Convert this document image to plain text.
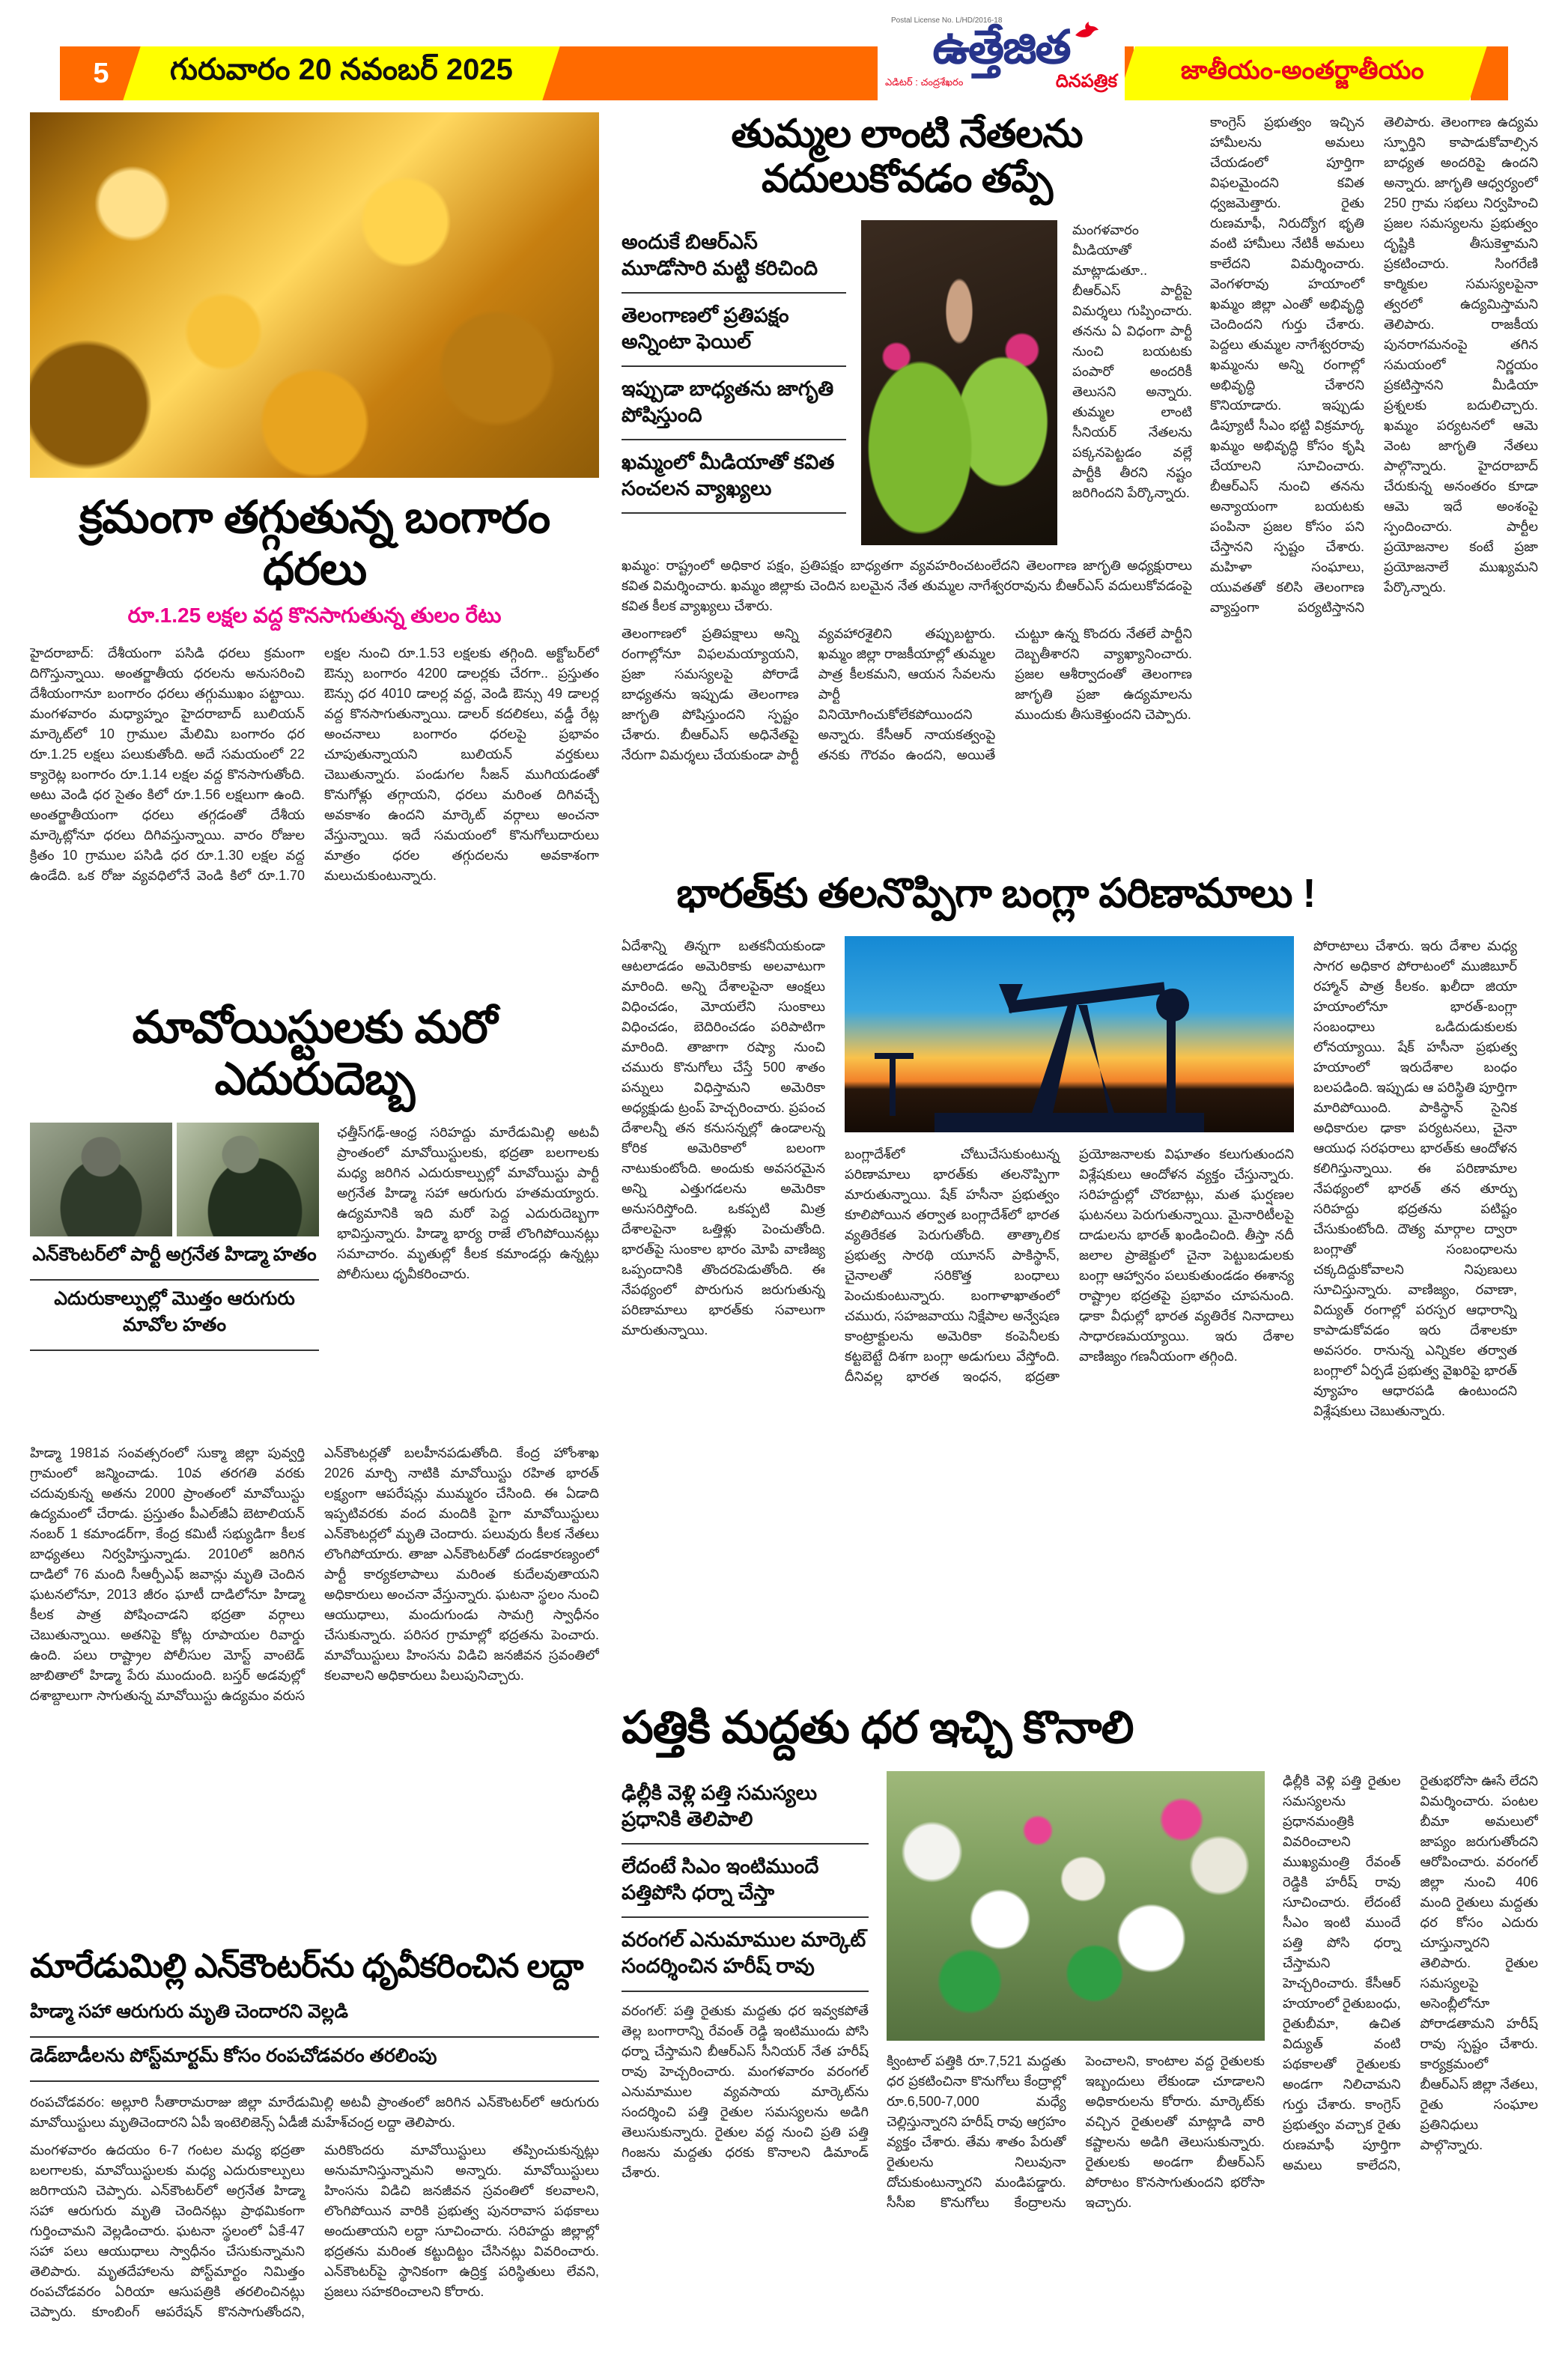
5	గురువారం 20 నవంబర్ 2025	జాతీయం-అంతర్జాతీయం
Postal License No. L/HD/2016-18
ఉత్తేజిత
ఎడిటర్ : చంద్రశేఖరం	దినపత్రిక
క్రమంగా తగ్గుతున్న బంగారం ధరలు
రూ.1.25 లక్షల వద్ద కొనసాగుతున్న తులం రేటు
హైదరాబాద్: దేశీయంగా పసిడి ధరలు క్రమంగా దిగొస్తున్నాయి. అంతర్జాతీయ ధరలను అనుసరించి దేశీయంగానూ బంగారం ధరలు తగ్గుముఖం పట్టాయి. మంగళవారం మధ్యాహ్నం హైదరాబాద్ బులియన్ మార్కెట్‌లో 10 గ్రాముల మేలిమి బంగారం ధర రూ.1.25 లక్షలు పలుకుతోంది. అదే సమయంలో 22 క్యారెట్ల బంగారం రూ.1.14 లక్షల వద్ద కొనసాగుతోంది. అటు వెండి ధర సైతం కిలో రూ.1.56 లక్షలుగా ఉంది. అంతర్జాతీయంగా ధరలు తగ్గడంతో దేశీయ మార్కెట్లోనూ ధరలు దిగివస్తున్నాయి. వారం రోజుల క్రితం 10 గ్రాముల పసిడి ధర రూ.1.30 లక్షల వద్ద ఉండేది. ఒక రోజు వ్యవధిలోనే వెండి కిలో రూ.1.70 లక్షల నుంచి రూ.1.53 లక్షలకు తగ్గింది. అక్టోబర్‌లో ఔన్సు బంగారం 4200 డాలర్లకు చేరగా.. ప్రస్తుతం ఔన్సు ధర 4010 డాలర్ల వద్ద, వెండి ఔన్సు 49 డాలర్ల వద్ద కొనసాగుతున్నాయి. డాలర్ కదలికలు, వడ్డీ రేట్ల అంచనాలు బంగారం ధరలపై ప్రభావం చూపుతున్నాయని బులియన్ వర్తకులు చెబుతున్నారు. పండుగల సీజన్ ముగియడంతో కొనుగోళ్లు తగ్గాయని, ధరలు మరింత దిగివచ్చే అవకాశం ఉందని మార్కెట్ వర్గాలు అంచనా వేస్తున్నాయి. ఇదే సమయంలో కొనుగోలుదారులు మాత్రం ధరల తగ్గుదలను అవకాశంగా మలుచుకుంటున్నారు.
మావోయిస్టులకు మరో ఎదురుదెబ్బ
ఎన్‌కౌంటర్‌లో పార్టీ అగ్రనేత హిడ్మా హతం
ఎదురుకాల్పుల్లో మొత్తం ఆరుగురు మావోల హతం
ఛత్తీస్‌గఢ్-ఆంధ్ర సరిహద్దు మారేడుమిల్లి అటవీ ప్రాంతంలో మావోయిస్టులకు, భద్రతా బలగాలకు మధ్య జరిగిన ఎదురుకాల్పుల్లో మావోయిస్టు పార్టీ అగ్రనేత హిడ్మా సహా ఆరుగురు హతమయ్యారు. ఉద్యమానికి ఇది మరో పెద్ద ఎదురుదెబ్బగా భావిస్తున్నారు. హిడ్మా భార్య రాజే లొంగిపోయినట్లు సమాచారం. మృతుల్లో కీలక కమాండర్లు ఉన్నట్లు పోలీసులు ధృవీకరించారు.
హిడ్మా 1981వ సంవత్సరంలో సుక్మా జిల్లా పువ్వర్తి గ్రామంలో జన్మించాడు. 10వ తరగతి వరకు చదువుకున్న అతను 2000 ప్రాంతంలో మావోయిస్టు ఉద్యమంలో చేరాడు. ప్రస్తుతం పీఎల్‌జీఏ బెటాలియన్ నంబర్ 1 కమాండర్‌గా, కేంద్ర కమిటీ సభ్యుడిగా కీలక బాధ్యతలు నిర్వహిస్తున్నాడు. 2010లో జరిగిన దాడిలో 76 మంది సీఆర్పీఎఫ్ జవాన్లు మృతి చెందిన ఘటనలోనూ, 2013 జీరం ఘాటీ దాడిలోనూ హిడ్మా కీలక పాత్ర పోషించాడని భద్రతా వర్గాలు చెబుతున్నాయి. అతనిపై కోట్ల రూపాయల రివార్డు ఉంది. పలు రాష్ట్రాల పోలీసుల మోస్ట్ వాంటెడ్ జాబితాలో హిడ్మా పేరు ముందుంది. బస్తర్ అడవుల్లో దశాబ్దాలుగా సాగుతున్న మావోయిస్టు ఉద్యమం వరుస ఎన్‌కౌంటర్లతో బలహీనపడుతోంది. కేంద్ర హోంశాఖ 2026 మార్చి నాటికి మావోయిస్టు రహిత భారత్ లక్ష్యంగా ఆపరేషన్లు ముమ్మరం చేసింది. ఈ ఏడాది ఇప్పటివరకు వంద మందికి పైగా మావోయిస్టులు ఎన్‌కౌంటర్లలో మృతి చెందారు. పలువురు కీలక నేతలు లొంగిపోయారు. తాజా ఎన్‌కౌంటర్‌తో దండకారణ్యంలో పార్టీ కార్యకలాపాలు మరింత కుదేలవుతాయని అధికారులు అంచనా వేస్తున్నారు. ఘటనా స్థలం నుంచి ఆయుధాలు, మందుగుండు సామగ్రి స్వాధీనం చేసుకున్నారు. పరిసర గ్రామాల్లో భద్రతను పెంచారు. మావోయిస్టులు హింసను విడిచి జనజీవన స్రవంతిలో కలవాలని అధికారులు పిలుపునిచ్చారు.
మారేడుమిల్లి ఎన్‌కౌంటర్‌ను ధృవీకరించిన లద్దా
హిడ్మా సహా ఆరుగురు మృతి చెందారని వెల్లడి
డెడ్‌బాడీలను పోస్ట్‌మార్టమ్ కోసం రంపచోడవరం తరలింపు
రంపచోడవరం: అల్లూరి సీతారామరాజు జిల్లా మారేడుమిల్లి అటవీ ప్రాంతంలో జరిగిన ఎన్‌కౌంటర్‌లో ఆరుగురు మావోయిస్టులు మృతిచెందారని ఏపీ ఇంటెలిజెన్స్ ఏడీజీ మహేశ్‌చంద్ర లద్దా తెలిపారు.
మంగళవారం ఉదయం 6-7 గంటల మధ్య భద్రతా బలగాలకు, మావోయిస్టులకు మధ్య ఎదురుకాల్పులు జరిగాయని చెప్పారు. ఎన్‌కౌంటర్‌లో అగ్రనేత హిడ్మా సహా ఆరుగురు మృతి చెందినట్లు ప్రాథమికంగా గుర్తించామని వెల్లడించారు. ఘటనా స్థలంలో ఏకే-47 సహా పలు ఆయుధాలు స్వాధీనం చేసుకున్నామని తెలిపారు. మృతదేహాలను పోస్ట్‌మార్టం నిమిత్తం రంపచోడవరం ఏరియా ఆసుపత్రికి తరలించినట్లు చెప్పారు. కూంబింగ్ ఆపరేషన్ కొనసాగుతోందని, మరికొందరు మావోయిస్టులు తప్పించుకున్నట్లు అనుమానిస్తున్నామని అన్నారు. మావోయిస్టులు హింసను విడిచి జనజీవన స్రవంతిలో కలవాలని, లొంగిపోయిన వారికి ప్రభుత్వ పునరావాస పథకాలు అందుతాయని లద్దా సూచించారు. సరిహద్దు జిల్లాల్లో భద్రతను మరింత కట్టుదిట్టం చేసినట్లు వివరించారు. ఎన్‌కౌంటర్‌పై స్థానికంగా ఉద్రిక్త పరిస్థితులు లేవని, ప్రజలు సహకరించాలని కోరారు.
కాంగ్రెస్ ప్రభుత్వం ఇచ్చిన హామీలను అమలు చేయడంలో పూర్తిగా విఫలమైందని కవిత ధ్వజమెత్తారు. రైతు రుణమాఫీ, నిరుద్యోగ భృతి వంటి హామీలు నేటికీ అమలు కాలేదని విమర్శించారు. వెంగళరావు హయాంలో ఖమ్మం జిల్లా ఎంతో అభివృద్ధి చెందిందని గుర్తు చేశారు. పెద్దలు తుమ్మల నాగేశ్వరరావు ఖమ్మంను అన్ని రంగాల్లో అభివృద్ధి చేశారని కొనియాడారు. ఇప్పుడు డిప్యూటీ సీఎం భట్టి విక్రమార్క ఖమ్మం అభివృద్ధి కోసం కృషి చేయాలని సూచించారు. బీఆర్ఎస్ నుంచి తనను అన్యాయంగా బయటకు పంపినా ప్రజల కోసం పని చేస్తానని స్పష్టం చేశారు. మహిళా సంఘాలు, యువతతో కలిసి తెలంగాణ వ్యాప్తంగా పర్యటిస్తానని తెలిపారు. తెలంగాణ ఉద్యమ స్ఫూర్తిని కాపాడుకోవాల్సిన బాధ్యత అందరిపై ఉందని అన్నారు. జాగృతి ఆధ్వర్యంలో 250 గ్రామ సభలు నిర్వహించి ప్రజల సమస్యలను ప్రభుత్వం దృష్టికి తీసుకెళ్తామని ప్రకటించారు. సింగరేణి కార్మికుల సమస్యలపైనా త్వరలో ఉద్యమిస్తామని తెలిపారు. రాజకీయ పునరాగమనంపై తగిన సమయంలో నిర్ణయం ప్రకటిస్తానని మీడియా ప్రశ్నలకు బదులిచ్చారు. ఖమ్మం పర్యటనలో ఆమె వెంట జాగృతి నేతలు పాల్గొన్నారు. హైదరాబాద్ చేరుకున్న అనంతరం కూడా ఆమె ఇదే అంశంపై స్పందించారు. పార్టీల ప్రయోజనాల కంటే ప్రజా ప్రయోజనాలే ముఖ్యమని పేర్కొన్నారు.
తుమ్మల లాంటి నేతలను వదులుకోవడం తప్పే
అందుకే బిఆర్ఎస్ మూడోసారి మట్టి కరిచింది
తెలంగాణలో ప్రతిపక్షం అన్నింటా ఫెయిల్
ఇప్పుడా బాధ్యతను జాగృతి పోషిస్తుంది
ఖమ్మంలో మీడియాతో కవిత సంచలన వ్యాఖ్యలు
మంగళవారం మీడియాతో మాట్లాడుతూ.. బీఆర్ఎస్ పార్టీపై విమర్శలు గుప్పించారు. తనను ఏ విధంగా పార్టీ నుంచి బయటకు పంపారో అందరికీ తెలుసని అన్నారు. తుమ్మల లాంటి సీనియర్ నేతలను పక్కనపెట్టడం వల్లే పార్టీకి తీరని నష్టం జరిగిందని పేర్కొన్నారు.
ఖమ్మం: రాష్ట్రంలో అధికార పక్షం, ప్రతిపక్షం బాధ్యతగా వ్యవహరించటంలేదని తెలంగాణ జాగృతి అధ్యక్షురాలు కవిత విమర్శించారు. ఖమ్మం జిల్లాకు చెందిన బలమైన నేత తుమ్మల నాగేశ్వరరావును బీఆర్ఎస్ వదులుకోవడంపై కవిత కీలక వ్యాఖ్యలు చేశారు.
తెలంగాణలో ప్రతిపక్షాలు అన్ని రంగాల్లోనూ విఫలమయ్యాయని, ప్రజా సమస్యలపై పోరాడే బాధ్యతను ఇప్పుడు తెలంగాణ జాగృతి పోషిస్తుందని స్పష్టం చేశారు. బీఆర్ఎస్ అధినేతపై నేరుగా విమర్శలు చేయకుండా పార్టీ వ్యవహారశైలిని తప్పుబట్టారు. ఖమ్మం జిల్లా రాజకీయాల్లో తుమ్మల పాత్ర కీలకమని, ఆయన సేవలను పార్టీ వినియోగించుకోలేకపోయిందని అన్నారు. కేసీఆర్ నాయకత్వంపై తనకు గౌరవం ఉందని, అయితే చుట్టూ ఉన్న కొందరు నేతలే పార్టీని దెబ్బతీశారని వ్యాఖ్యానించారు. ప్రజల ఆశీర్వాదంతో తెలంగాణ జాగృతి ప్రజా ఉద్యమాలను ముందుకు తీసుకెళ్తుందని చెప్పారు.
భారత్‌కు తలనొప్పిగా బంగ్లా పరిణామాలు !
ఏదేశాన్ని తిన్నగా బతకనీయకుండా ఆటలాడడం అమెరికాకు అలవాటుగా మారింది. అన్ని దేశాలపైనా ఆంక్షలు విధించడం, మోయలేని సుంకాలు విధించడం, బెదిరించడం పరిపాటిగా మారింది. తాజాగా రష్యా నుంచి చమురు కొనుగోలు చేస్తే 500 శాతం పన్నులు విధిస్తామని అమెరికా అధ్యక్షుడు ట్రంప్ హెచ్చరించారు. ప్రపంచ దేశాలన్నీ తన కనుసన్నల్లో ఉండాలన్న కోరిక అమెరికాలో బలంగా నాటుకుంటోంది. అందుకు అవసరమైన అన్ని ఎత్తుగడలను అమెరికా అనుసరిస్తోంది. ఒకప్పటి మిత్ర దేశాలపైనా ఒత్తిళ్లు పెంచుతోంది. భారత్‌పై సుంకాల భారం మోపి వాణిజ్య ఒప్పందానికి తొందరపెడుతోంది. ఈ నేపథ్యంలో పొరుగున జరుగుతున్న పరిణామాలు భారత్‌కు సవాలుగా మారుతున్నాయి.
బంగ్లాదేశ్‌లో చోటుచేసుకుంటున్న పరిణామాలు భారత్‌కు తలనొప్పిగా మారుతున్నాయి. షేక్ హసీనా ప్రభుత్వం కూలిపోయిన తర్వాత బంగ్లాదేశ్‌లో భారత వ్యతిరేకత పెరుగుతోంది. తాత్కాలిక ప్రభుత్వ సారథి యూనస్ పాకిస్థాన్, చైనాలతో సరికొత్త బంధాలు పెంచుకుంటున్నారు. బంగాళాఖాతంలో చమురు, సహజవాయు నిక్షేపాల అన్వేషణ కాంట్రాక్టులను అమెరికా కంపెనీలకు కట్టబెట్టే దిశగా బంగ్లా అడుగులు వేస్తోంది. దీనివల్ల భారత ఇంధన, భద్రతా ప్రయోజనాలకు విఘాతం కలుగుతుందని విశ్లేషకులు ఆందోళన వ్యక్తం చేస్తున్నారు. సరిహద్దుల్లో చొరబాట్లు, మత ఘర్షణల ఘటనలు పెరుగుతున్నాయి. మైనారిటీలపై దాడులను భారత్ ఖండించింది. తీస్తా నదీ జలాల ప్రాజెక్టులో చైనా పెట్టుబడులకు బంగ్లా ఆహ్వానం పలుకుతుండడం ఈశాన్య రాష్ట్రాల భద్రతపై ప్రభావం చూపనుంది. ఢాకా వీధుల్లో భారత వ్యతిరేక నినాదాలు సాధారణమయ్యాయి. ఇరు దేశాల వాణిజ్యం గణనీయంగా తగ్గింది.
పోరాటాలు చేశారు. ఇరు దేశాల మధ్య సాగర అధికార పోరాటంలో ముజిబూర్ రహ్మాన్ పాత్ర కీలకం. ఖలీదా జియా హయాంలోనూ భారత్-బంగ్లా సంబంధాలు ఒడిదుడుకులకు లోనయ్యాయి. షేక్ హసీనా ప్రభుత్వ హయాంలో ఇరుదేశాల బంధం బలపడింది. ఇప్పుడు ఆ పరిస్థితి పూర్తిగా మారిపోయింది. పాకిస్థాన్ సైనిక అధికారుల ఢాకా పర్యటనలు, చైనా ఆయుధ సరఫరాలు భారత్‌కు ఆందోళన కలిగిస్తున్నాయి. ఈ పరిణామాల నేపథ్యంలో భారత్ తన తూర్పు సరిహద్దు భద్రతను పటిష్టం చేసుకుంటోంది. దౌత్య మార్గాల ద్వారా బంగ్లాతో సంబంధాలను చక్కదిద్దుకోవాలని నిపుణులు సూచిస్తున్నారు. వాణిజ్యం, రవాణా, విద్యుత్ రంగాల్లో పరస్పర ఆధారాన్ని కాపాడుకోవడం ఇరు దేశాలకూ అవసరం. రానున్న ఎన్నికల తర్వాత బంగ్లాలో ఏర్పడే ప్రభుత్వ వైఖరిపై భారత్ వ్యూహం ఆధారపడి ఉంటుందని విశ్లేషకులు చెబుతున్నారు.
పత్తికి మద్దతు ధర ఇచ్చి కొనాలి
ఢిల్లీకి వెళ్లి పత్తి సమస్యలు ప్రధానికి తెలిపాలి
లేదంటే సిఎం ఇంటిముందే పత్తిపోసి ధర్నా చేస్తా
వరంగల్ ఎనుమాముల మార్కెట్ సందర్శించిన హరీష్ రావు
వరంగల్: పత్తి రైతుకు మద్దతు ధర ఇవ్వకపోతే తెల్ల బంగారాన్ని రేవంత్ రెడ్డి ఇంటిముందు పోసి ధర్నా చేస్తామని బీఆర్ఎస్ సీనియర్ నేత హరీష్ రావు హెచ్చరించారు. మంగళవారం వరంగల్ ఎనుమాముల వ్యవసాయ మార్కెట్‌ను సందర్శించి పత్తి రైతుల సమస్యలను అడిగి తెలుసుకున్నారు. రైతుల వద్ద నుంచి ప్రతి పత్తి గింజను మద్దతు ధరకు కొనాలని డిమాండ్ చేశారు.
క్వింటాల్ పత్తికి రూ.7,521 మద్దతు ధర ప్రకటించినా కొనుగోలు కేంద్రాల్లో రూ.6,500-7,000 మధ్యే చెల్లిస్తున్నారని హరీష్ రావు ఆగ్రహం వ్యక్తం చేశారు. తేమ శాతం పేరుతో రైతులను నిలువునా దోచుకుంటున్నారని మండిపడ్డారు. సీసీఐ కొనుగోలు కేంద్రాలను పెంచాలని, కాంటాల వద్ద రైతులకు ఇబ్బందులు లేకుండా చూడాలని అధికారులను కోరారు. మార్కెట్‌కు వచ్చిన రైతులతో మాట్లాడి వారి కష్టాలను అడిగి తెలుసుకున్నారు. రైతులకు అండగా బీఆర్ఎస్ పోరాటం కొనసాగుతుందని భరోసా ఇచ్చారు.
ఢిల్లీకి వెళ్లి పత్తి రైతుల సమస్యలను ప్రధానమంత్రికి వివరించాలని ముఖ్యమంత్రి రేవంత్ రెడ్డికి హరీష్ రావు సూచించారు. లేదంటే సీఎం ఇంటి ముందే పత్తి పోసి ధర్నా చేస్తామని హెచ్చరించారు. కేసీఆర్ హయాంలో రైతుబంధు, రైతుబీమా, ఉచిత విద్యుత్ వంటి పథకాలతో రైతులకు అండగా నిలిచామని గుర్తు చేశారు. కాంగ్రెస్ ప్రభుత్వం వచ్చాక రైతు రుణమాఫీ పూర్తిగా అమలు కాలేదని, రైతుభరోసా ఊసే లేదని విమర్శించారు. పంటల బీమా అమలులో జాప్యం జరుగుతోందని ఆరోపించారు. వరంగల్ జిల్లా నుంచి 406 మంది రైతులు మద్దతు ధర కోసం ఎదురు చూస్తున్నారని తెలిపారు. రైతుల సమస్యలపై అసెంబ్లీలోనూ పోరాడతామని హరీష్ రావు స్పష్టం చేశారు. కార్యక్రమంలో బీఆర్ఎస్ జిల్లా నేతలు, రైతు సంఘాల ప్రతినిధులు పాల్గొన్నారు.
